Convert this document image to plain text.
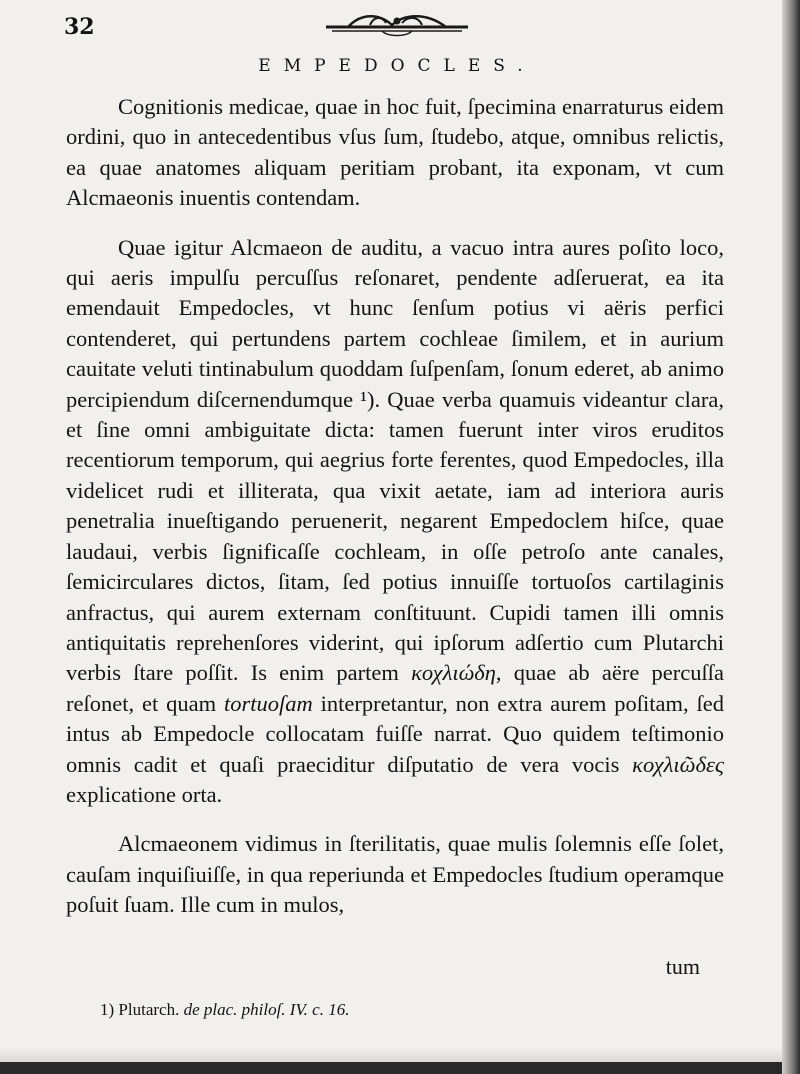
32
EMPEDOCLES.

Cognitionis medicae, quae in hoc fuit, ſpecimina enarraturus eidem ordini, quo in antecedentibus vſus ſum, ſtudebo, atque, omnibus relictis, ea quae anatomes aliquam peritiam probant, ita exponam, vt cum Alcmaeonis inuentis contendam.

Quae igitur Alcmaeon de auditu, a vacuo intra aures poſito loco, qui aeris impulſu percuſſus reſonaret, pendente adſeruerat, ea ita emendauit Empedocles, vt hunc ſenſum potius vi aëris perfici contenderet, qui pertundens partem cochleae ſimilem, et in aurium cauitate veluti tintinabulum quoddam ſuſpenſam, ſonum ederet, ab animo percipiendum diſcernendumque ¹). Quae verba quamuis videantur clara, et ſine omni ambiguitate dicta: tamen fuerunt inter viros eruditos recentiorum temporum, qui aegrius forte ferentes, quod Empedocles, illa videlicet rudi et illiterata, qua vixit aetate, iam ad interiora auris penetralia inueſtigando peruenerit, negarent Empedoclem hiſce, quae laudaui, verbis ſignificaſſe cochleam, in oſſe petroſo ante canales, ſemicirculares dictos, ſitam, ſed potius innuiſſe tortuoſos cartilaginis anfractus, qui aurem externam conſtituunt. Cupidi tamen illi omnis antiquitatis reprehenſores viderint, qui ipſorum adſertio cum Plutarchi verbis ſtare poſſit. Is enim partem κοχλιώδη, quae ab aëre percuſſa reſonet, et quam tortuoſam interpretantur, non extra aurem poſitam, ſed intus ab Empedocle collocatam fuiſſe narrat. Quo quidem teſtimonio omnis cadit et quaſi praeciditur diſputatio de vera vocis κοχλιῶδες explicatione orta.

Alcmaeonem vidimus in ſterilitatis, quae mulis ſolemnis eſſe ſolet, cauſam inquiſiuiſſe, in qua reperiunda et Empedocles ſtudium operamque poſuit ſuam. Ille cum in mulos,

tum
1) Plutarch. de plac. philoſ. IV. c. 16.
